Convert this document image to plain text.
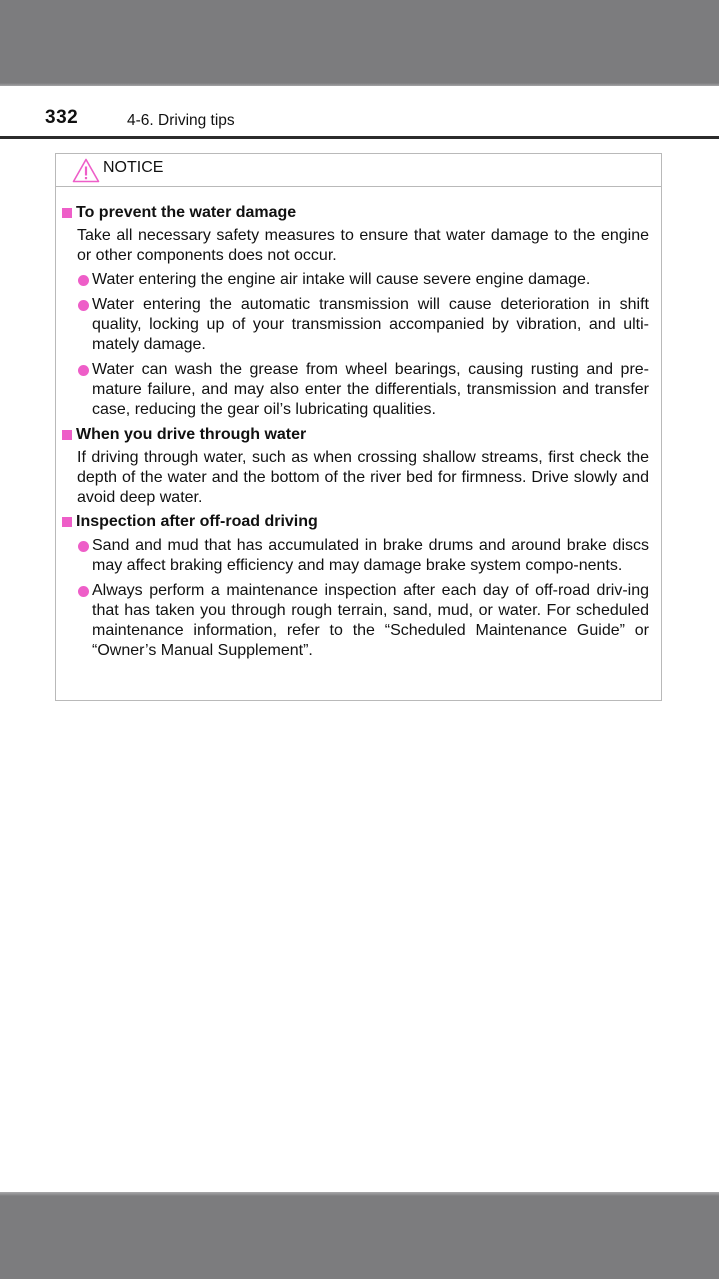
332	4-6. Driving tips
NOTICE
To prevent the water damage
Take all necessary safety measures to ensure that water damage to the engine or other components does not occur.
Water entering the engine air intake will cause severe engine damage.
Water entering the automatic transmission will cause deterioration in shift quality, locking up of your transmission accompanied by vibration, and ulti-mately damage.
Water can wash the grease from wheel bearings, causing rusting and pre-mature failure, and may also enter the differentials, transmission and transfer case, reducing the gear oil’s lubricating qualities.
When you drive through water
If driving through water, such as when crossing shallow streams, first check the depth of the water and the bottom of the river bed for firmness. Drive slowly and avoid deep water.
Inspection after off-road driving
Sand and mud that has accumulated in brake drums and around brake discs may affect braking efficiency and may damage brake system compo-nents.
Always perform a maintenance inspection after each day of off-road driv-ing that has taken you through rough terrain, sand, mud, or water. For scheduled maintenance information, refer to the “Scheduled Maintenance Guide” or “Owner’s Manual Supplement”.
